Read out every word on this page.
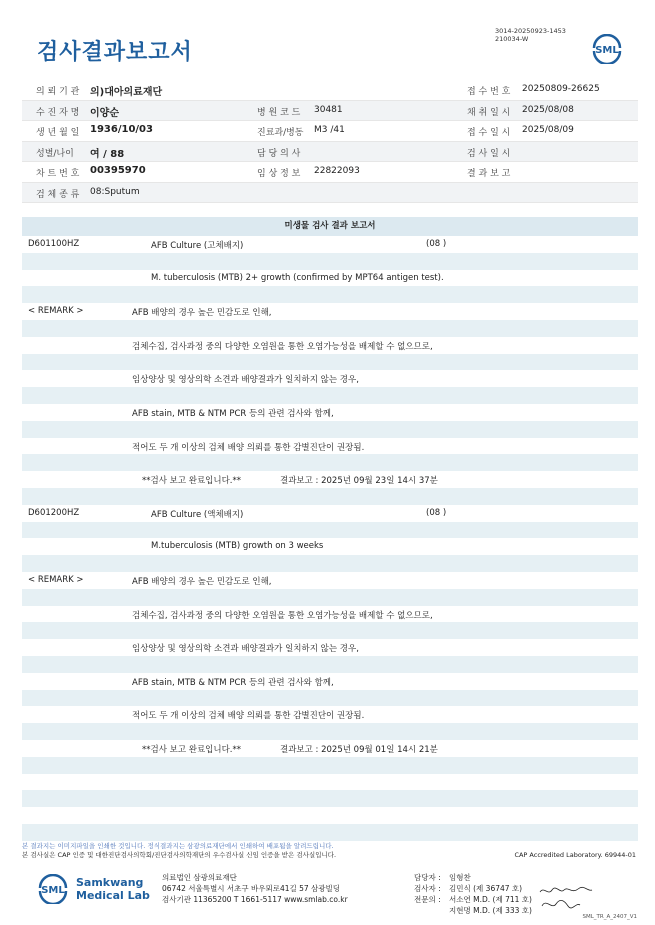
3014-20250923-1453
210034-W
검사결과보고서	SML
의 뢰 기 관 의)대아의료재단	접 수 번 호 20250809-26625
수 진 자 명 이양순	병 원 코 드 30481	채 취 일 시 2025/08/08
생 년 월 일 1936/10/03	진료과/병동 M3 /41	접 수 일 시 2025/08/09
성별/나이 여 / 88	담 당 의 사	검 사 일 시
차 트 번 호 00395970	임 상 정 보 22822093	결 과 보 고
검 체 종 류 08:Sputum
미생물 검사 결과 보고서
D601100HZ	AFB Culture (고체배지)	(08 )
M. tuberculosis (MTB) 2+ growth (confirmed by MPT64 antigen test).
< REMARK >	AFB 배양의 경우 높은 민감도로 인해,
검체수집, 검사과정 중의 다양한 오염원을 통한 오염가능성을 배제할 수 없으므로,
임상양상 및 영상의학 소견과 배양결과가 일치하지 않는 경우,
AFB stain, MTB & NTM PCR 등의 관련 검사와 함께,
적어도 두 개 이상의 검체 배양 의뢰를 통한 감별진단이 권장됨.
**검사 보고 완료입니다.**	결과보고 : 2025년 09월 23일 14시 37분
D601200HZ	AFB Culture (액체배지)	(08 )
M.tuberculosis (MTB) growth on 3 weeks
< REMARK >	AFB 배양의 경우 높은 민감도로 인해,
검체수집, 검사과정 중의 다양한 오염원을 통한 오염가능성을 배제할 수 없으므로,
임상양상 및 영상의학 소견과 배양결과가 일치하지 않는 경우,
AFB stain, MTB & NTM PCR 등의 관련 검사와 함께,
적어도 두 개 이상의 검체 배양 의뢰를 통한 감별진단이 권장됨.
**검사 보고 완료입니다.**	결과보고 : 2025년 09월 01일 14시 21분
본 결과지는 이미지파일을 인쇄한 것입니다. 정식결과지는 삼광의료재단에서 인쇄하여 배포됨을 알려드립니다.
본 검사실은 CAP 인증 및 대한진단검사의학회/진단검사의학재단의 우수검사실 신임 인증을 받은 검사실입니다.	CAP Accredited Laboratory. 69944-01
SML
Samkwang
Medical Lab
의료법인 삼광의료재단
06742 서울특별시 서초구 바우뫼로41길 57 삼광빌딩
검사기관 11365200 T 1661-5117 www.smlab.co.kr
담당자 :	임형찬
검사자 :	김민식 (제 36747 호)
전문의 :	서소연 M.D. (제 711 호)
지현명 M.D. (제 333 호)
SML_TR_A_2407_V1
